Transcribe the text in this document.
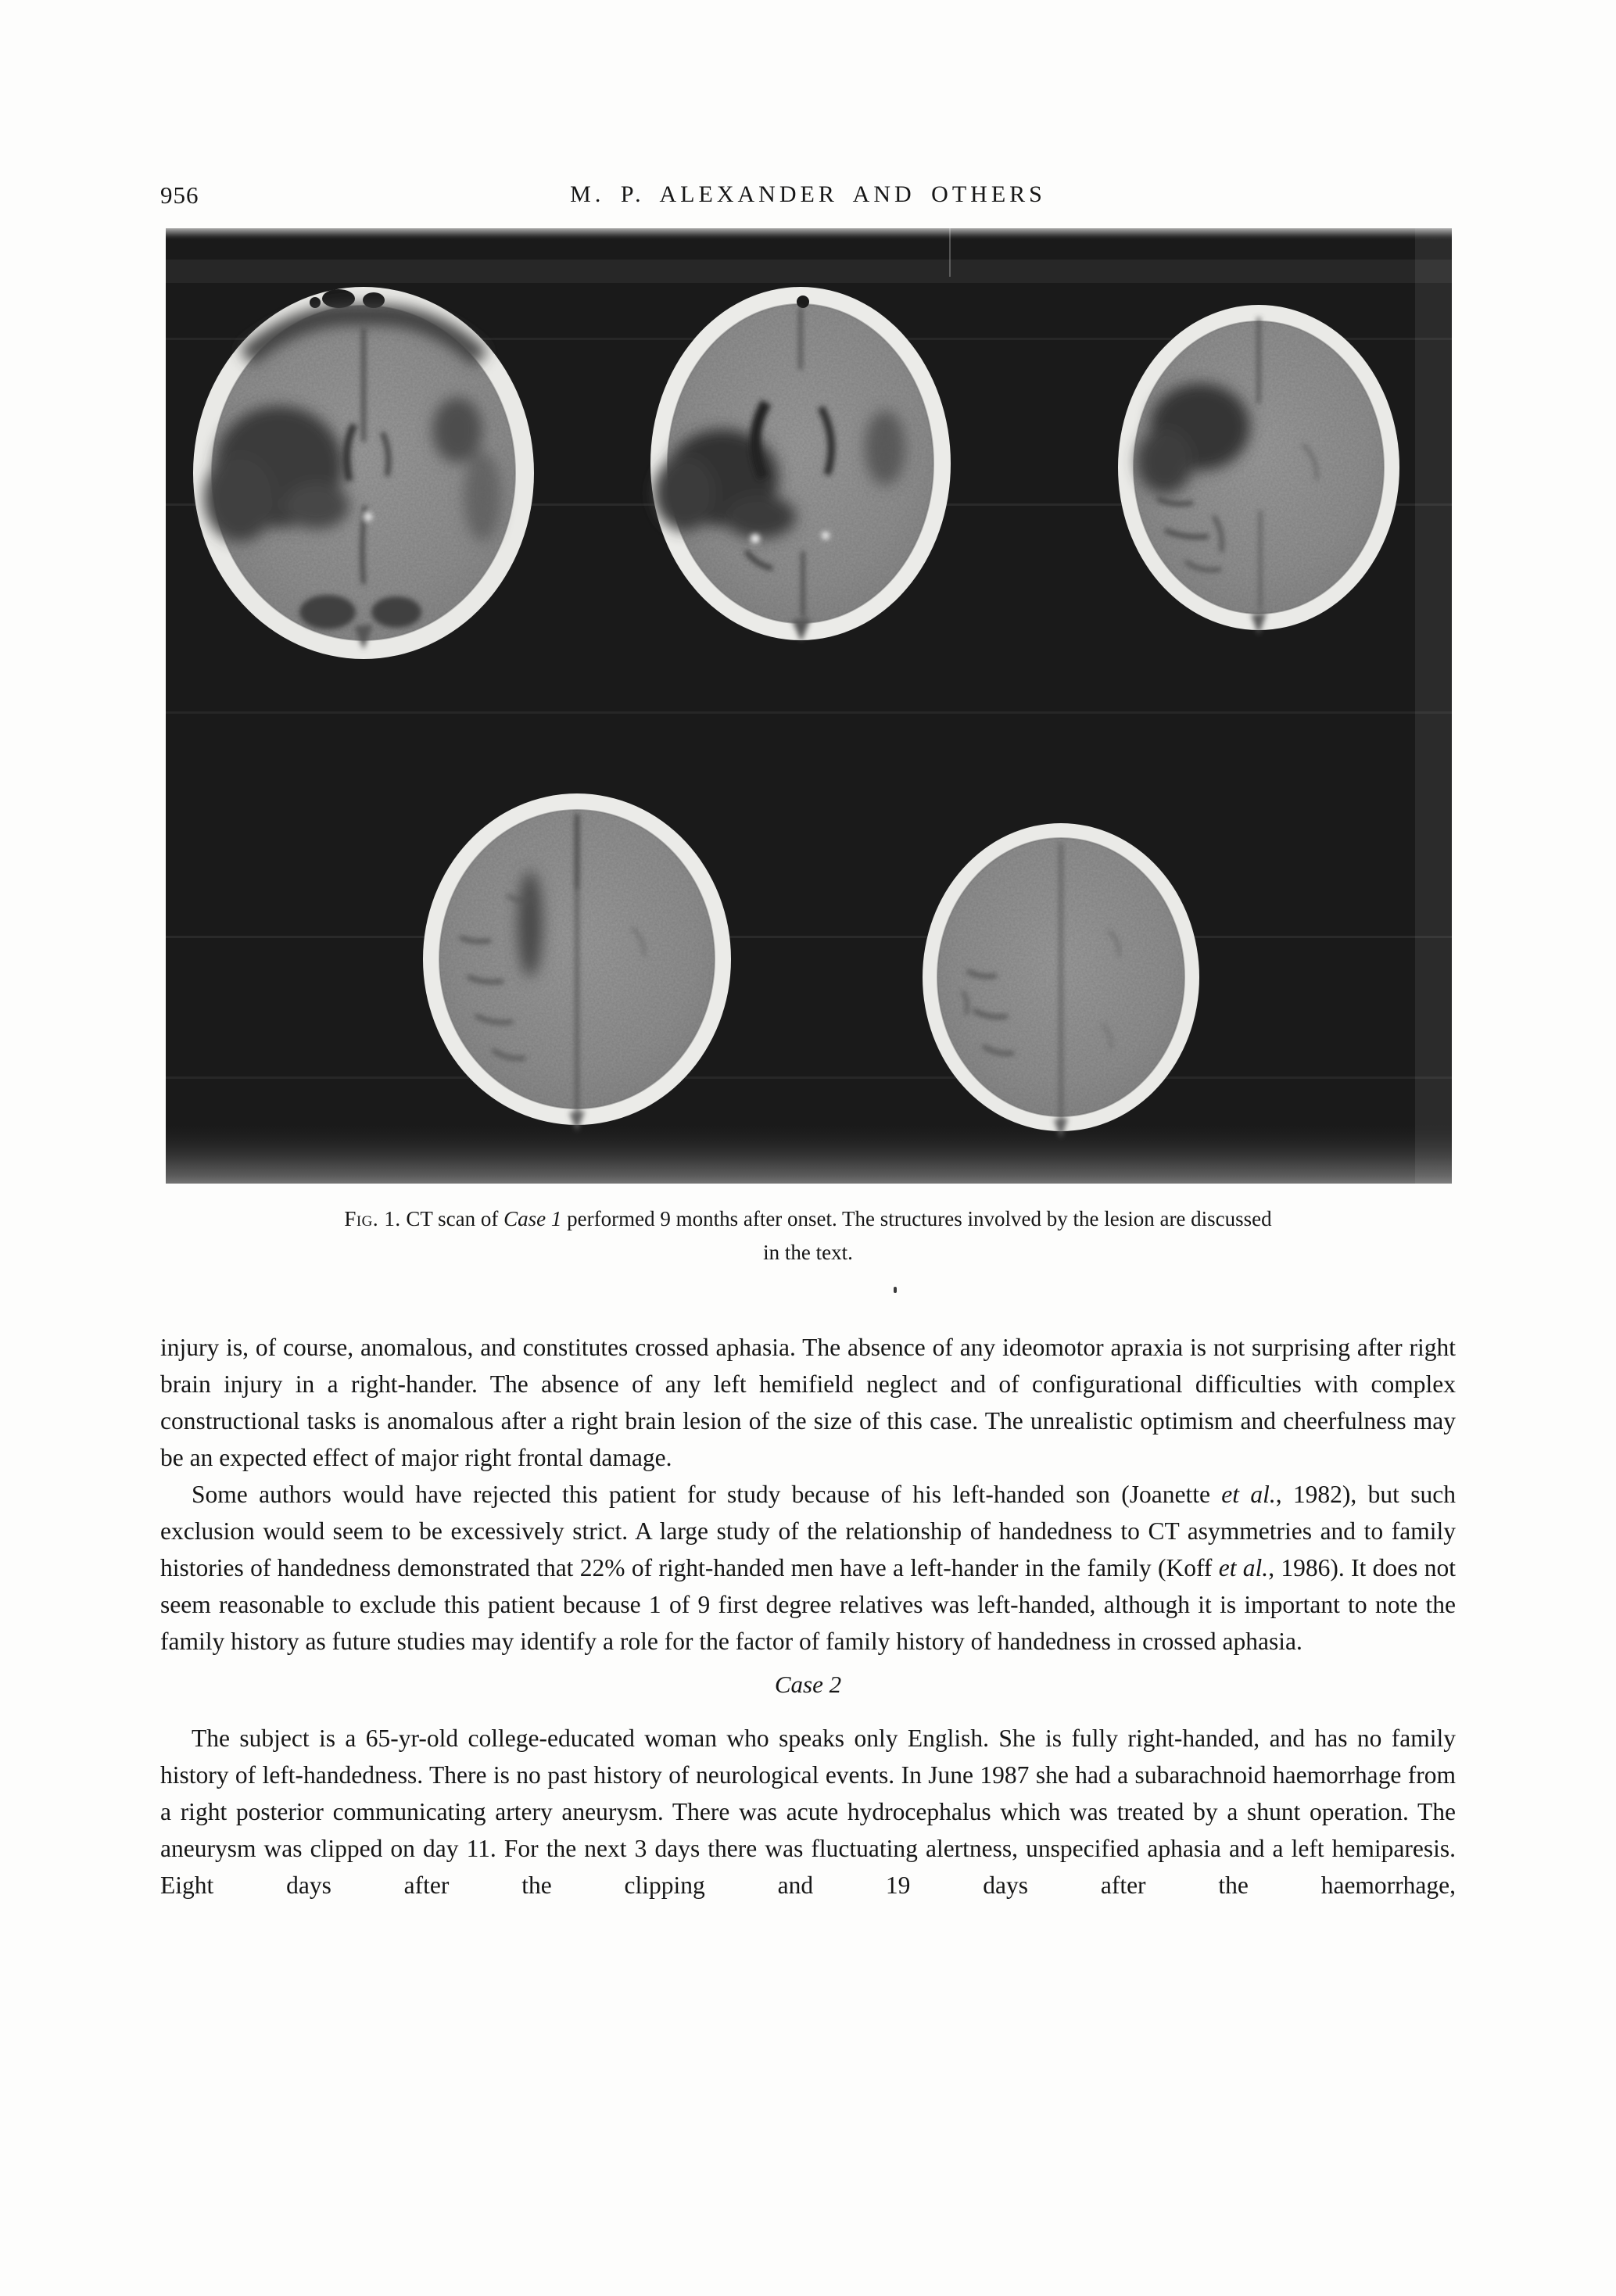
956	M. P. ALEXANDER AND OTHERS
Fig. 1. CT scan of Case 1 performed 9 months after onset. The structures involved by the lesion are discussed
in the text.

injury is, of course, anomalous, and constitutes crossed aphasia. The absence of any ideomotor apraxia is not surprising after right brain injury in a right-hander. The absence of any left hemifield neglect and of configurational difficulties with complex constructional tasks is anomalous after a right brain lesion of the size of this case. The unrealistic optimism and cheerfulness may be an expected effect of major right frontal damage.

Some authors would have rejected this patient for study because of his left-handed son (Joanette et al., 1982), but such exclusion would seem to be excessively strict. A large study of the relationship of handedness to CT asymmetries and to family histories of handedness demonstrated that 22% of right-handed men have a left-hander in the family (Koff et al., 1986). It does not seem reasonable to exclude this patient because 1 of 9 first degree relatives was left-handed, although it is important to note the family history as future studies may identify a role for the factor of family history of handedness in crossed aphasia.

Case 2

The subject is a 65-yr-old college-educated woman who speaks only English. She is fully right-handed, and has no family history of left-handedness. There is no past history of neurological events. In June 1987 she had a subarachnoid haemorrhage from a right posterior communicating artery aneurysm. There was acute hydrocephalus which was treated by a shunt operation. The aneurysm was clipped on day 11. For the next 3 days there was fluctuating alertness, unspecified aphasia and a left hemiparesis. Eight days after the clipping and 19 days after the haemorrhage,
